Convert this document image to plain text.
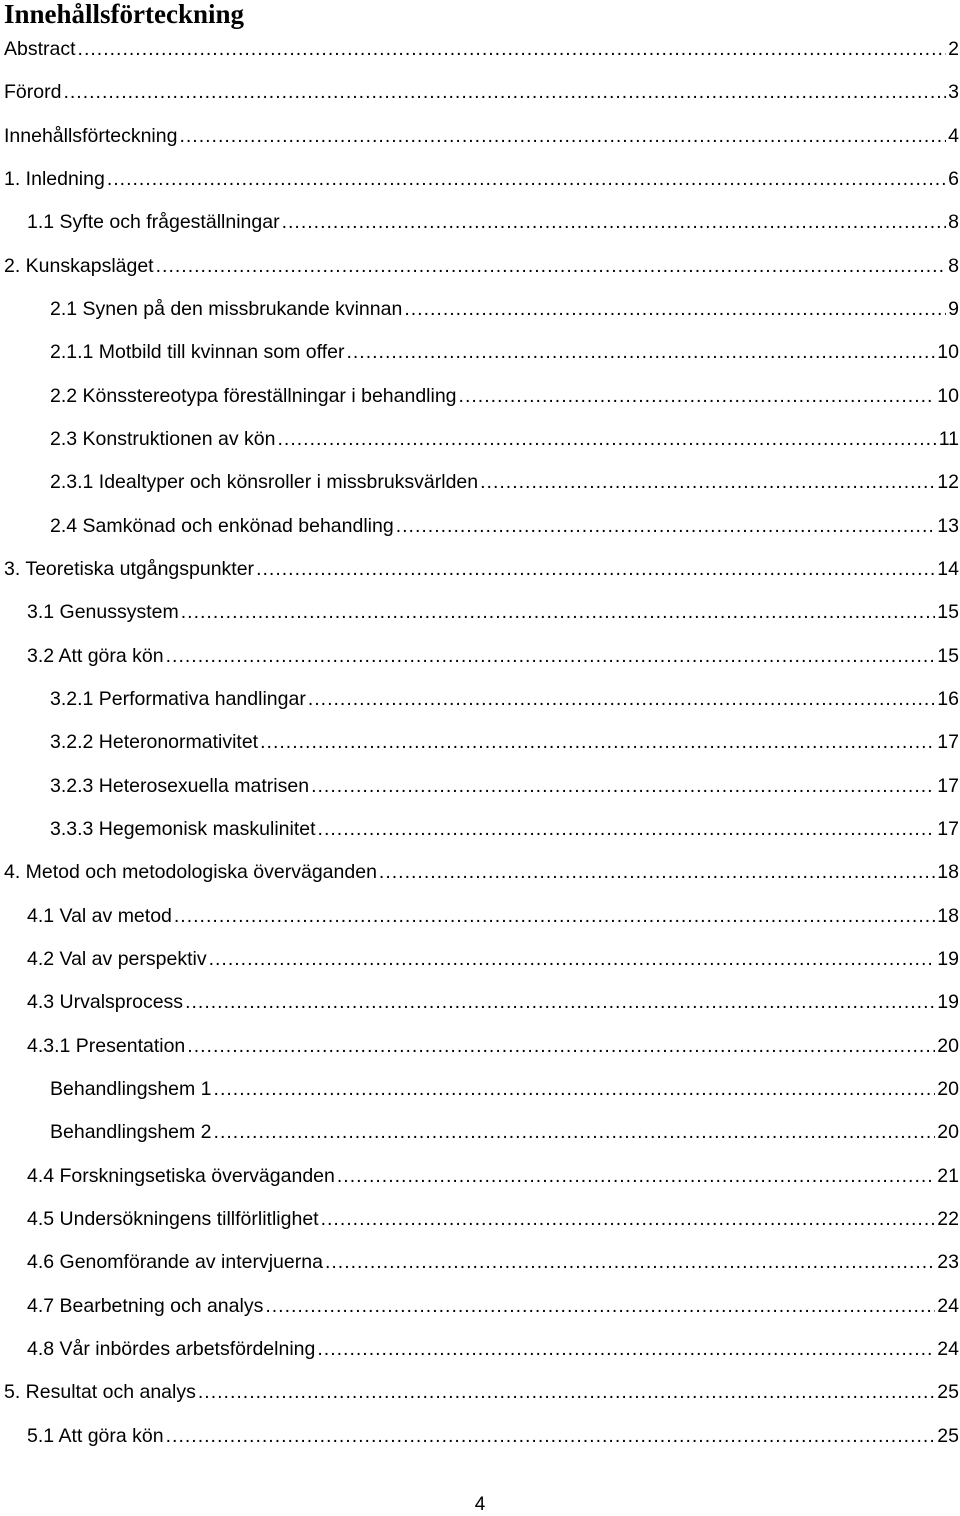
Innehållsförteckning
Abstract .....	2
Förord .....	3
Innehållsförteckning .....	4
1. Inledning .....	6
1.1 Syfte och frågeställningar .....	8
2. Kunskapsläget .....	8
2.1 Synen på den missbrukande kvinnan .....	9
2.1.1 Motbild till kvinnan som offer .....	10
2.2 Könsstereotypa föreställningar i behandling .....	10
2.3 Konstruktionen av kön .....	11
2.3.1 Idealtyper och könsroller i missbruksvärlden .....	12
2.4 Samkönad och enkönad behandling .....	13
3. Teoretiska utgångspunkter .....	14
3.1 Genussystem .....	15
3.2 Att göra kön .....	15
3.2.1 Performativa handlingar .....	16
3.2.2 Heteronormativitet .....	17
3.2.3 Heterosexuella matrisen .....	17
3.3.3 Hegemonisk maskulinitet .....	17
4. Metod och metodologiska överväganden .....	18
4.1 Val av metod .....	18
4.2 Val av perspektiv .....	19
4.3 Urvalsprocess .....	19
4.3.1 Presentation .....	20
Behandlingshem 1 .....	20
Behandlingshem 2 .....	20
4.4 Forskningsetiska överväganden .....	21
4.5 Undersökningens tillförlitlighet .....	22
4.6 Genomförande av intervjuerna .....	23
4.7 Bearbetning och analys .....	24
4.8 Vår inbördes arbetsfördelning .....	24
5. Resultat och analys .....	25
5.1 Att göra kön .....	25
4
